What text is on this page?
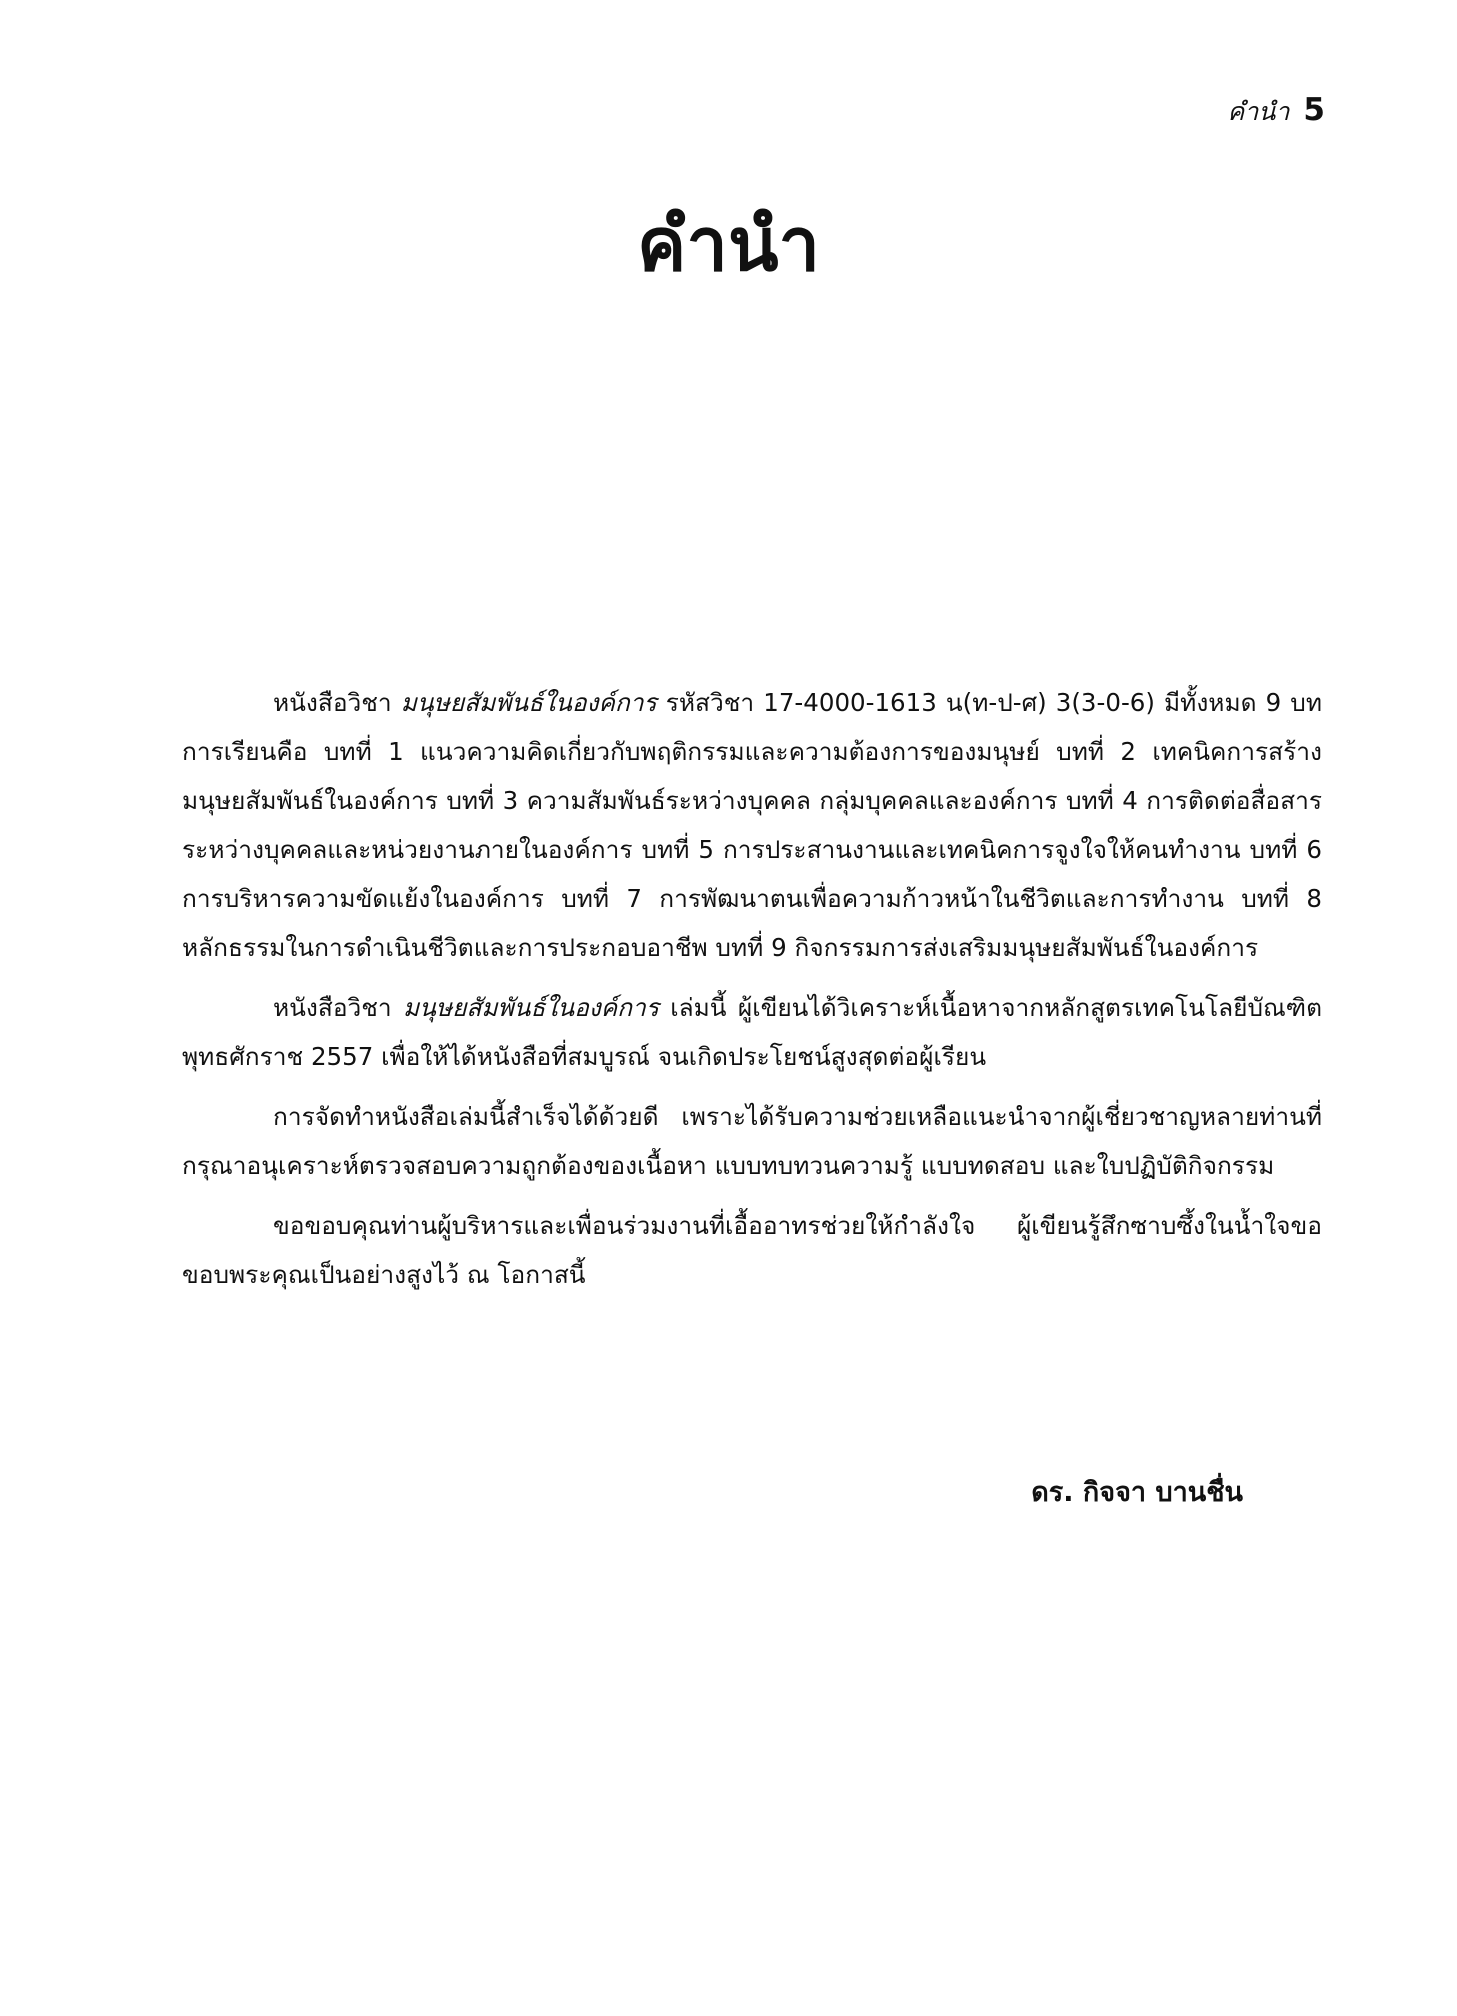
คำนำ 5
คำนำ

หนังสือวิชา มนุษยสัมพันธ์ในองค์การ รหัสวิชา 17-4000-1613 น(ท-ป-ศ) 3(3-0-6) มีทั้งหมด 9 บท การเรียนคือ บทที่ 1 แนวความคิดเกี่ยวกับพฤติกรรมและความต้องการของมนุษย์ บทที่ 2 เทคนิคการสร้างมนุษยสัมพันธ์ในองค์การ บทที่ 3 ความสัมพันธ์ระหว่างบุคคล กลุ่มบุคคลและองค์การ บทที่ 4 การติดต่อสื่อสารระหว่างบุคคลและหน่วยงานภายในองค์การ บทที่ 5 การประสานงานและเทคนิคการจูงใจให้คนทำงาน บทที่ 6 การบริหารความขัดแย้งในองค์การ บทที่ 7 การพัฒนาตนเพื่อความก้าวหน้าในชีวิตและการทำงาน บทที่ 8 หลักธรรมในการดำเนินชีวิตและการประกอบอาชีพ บทที่ 9 กิจกรรมการส่งเสริมมนุษยสัมพันธ์ในองค์การ

หนังสือวิชา มนุษยสัมพันธ์ในองค์การ เล่มนี้ ผู้เขียนได้วิเคราะห์เนื้อหาจากหลักสูตรเทคโนโลยีบัณฑิต พุทธศักราช 2557 เพื่อให้ได้หนังสือที่สมบูรณ์ จนเกิดประโยชน์สูงสุดต่อผู้เรียน

การจัดทำหนังสือเล่มนี้สำเร็จได้ด้วยดี เพราะได้รับความช่วยเหลือแนะนำจากผู้เชี่ยวชาญหลายท่านที่กรุณาอนุเคราะห์ตรวจสอบความถูกต้องของเนื้อหา แบบทบทวนความรู้ แบบทดสอบ และใบปฏิบัติกิจกรรม

ขอขอบคุณท่านผู้บริหารและเพื่อนร่วมงานที่เอื้ออาทรช่วยให้กำลังใจ ผู้เขียนรู้สึกซาบซึ้งในน้ำใจขอขอบพระคุณเป็นอย่างสูงไว้ ณ โอกาสนี้

ดร. กิจจา บานชื่น
